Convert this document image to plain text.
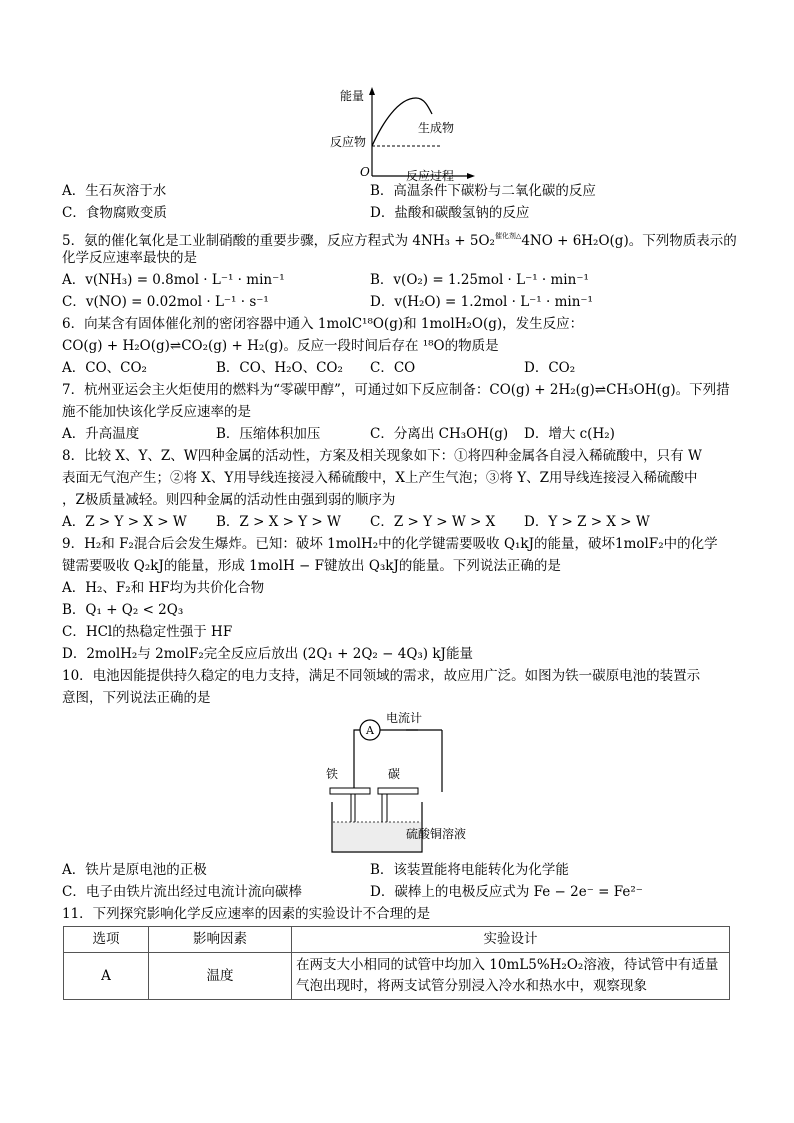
能量
反应物
生成物
O	反应过程
A．生石灰溶于水	B．高温条件下碳粉与二氧化碳的反应
C．食物腐败变质	D．盐酸和碳酸氢钠的反应
5．氨的催化氧化是工业制硝酸的重要步骤，反应方程式为 4NH₃ + 5O₂$^{催化剂\triangle}$4NO + 6H₂O(g)。下列物质表示的
化学反应速率最快的是
A．v(NH₃) = 0.8mol · L⁻¹ · min⁻¹	B．v(O₂) = 1.25mol · L⁻¹ · min⁻¹
C．v(NO) = 0.02mol · L⁻¹ · s⁻¹	D．v(H₂O) = 1.2mol · L⁻¹ · min⁻¹
6．向某含有固体催化剂的密闭容器中通入 1molC¹⁸O(g)和 1molH₂O(g)，发生反应：
CO(g) + H₂O(g)⇌CO₂(g) + H₂(g)。反应一段时间后存在 ¹⁸O的物质是
A．CO、CO₂	B．CO、H₂O、CO₂ C．CO	D．CO₂
7．杭州亚运会主火炬使用的燃料为“零碳甲醇”，可通过如下反应制备：CO(g) + 2H₂(g)⇌CH₃OH(g)。下列措
施不能加快该化学反应速率的是
A．升高温度	B．压缩体积加压	C．分离出 CH₃OH(g) D．增大 c(H₂)
8．比较 X、Y、Z、W四种金属的活动性，方案及相关现象如下：①将四种金属各自浸入稀硫酸中，只有 W
表面无气泡产生；②将 X、Y用导线连接浸入稀硫酸中，X上产生气泡；③将 Y、Z用导线连接浸入稀硫酸中
，Z极质量减轻。则四种金属的活动性由强到弱的顺序为
A．Z > Y > X > W B．Z > X > Y > W C．Z > Y > W > X D．Y > Z > X > W
9．H₂和 F₂混合后会发生爆炸。已知：破坏 1molH₂中的化学键需要吸收 Q₁kJ的能量，破坏1molF₂中的化学
键需要吸收 Q₂kJ的能量，形成 1molH − F键放出 Q₃kJ的能量。下列说法正确的是
A．H₂、F₂和 HF均为共价化合物
B．Q₁ + Q₂ < 2Q₃
C．HCl的热稳定性强于 HF
D．2molH₂与 2molF₂完全反应后放出 (2Q₁ + 2Q₂ − 4Q₃) kJ能量
10．电池因能提供持久稳定的电力支持，满足不同领域的需求，故应用广泛。如图为铁一碳原电池的装置示
意图，下列说法正确的是
A
电流计
铁	碳
硫酸铜溶液
A．铁片是原电池的正极	B．该装置能将电能转化为化学能
C．电子由铁片流出经过电流计流向碳棒	D．碳棒上的电极反应式为 Fe − 2e⁻ = Fe²⁻
11．下列探究影响化学反应速率的因素的实验设计不合理的是
选项	影响因素	实验设计
A	温度	在两支大小相同的试管中均加入 10mL5%H₂O₂溶液，待试管中有适量
气泡出现时，将两支试管分别浸入冷水和热水中，观察现象
